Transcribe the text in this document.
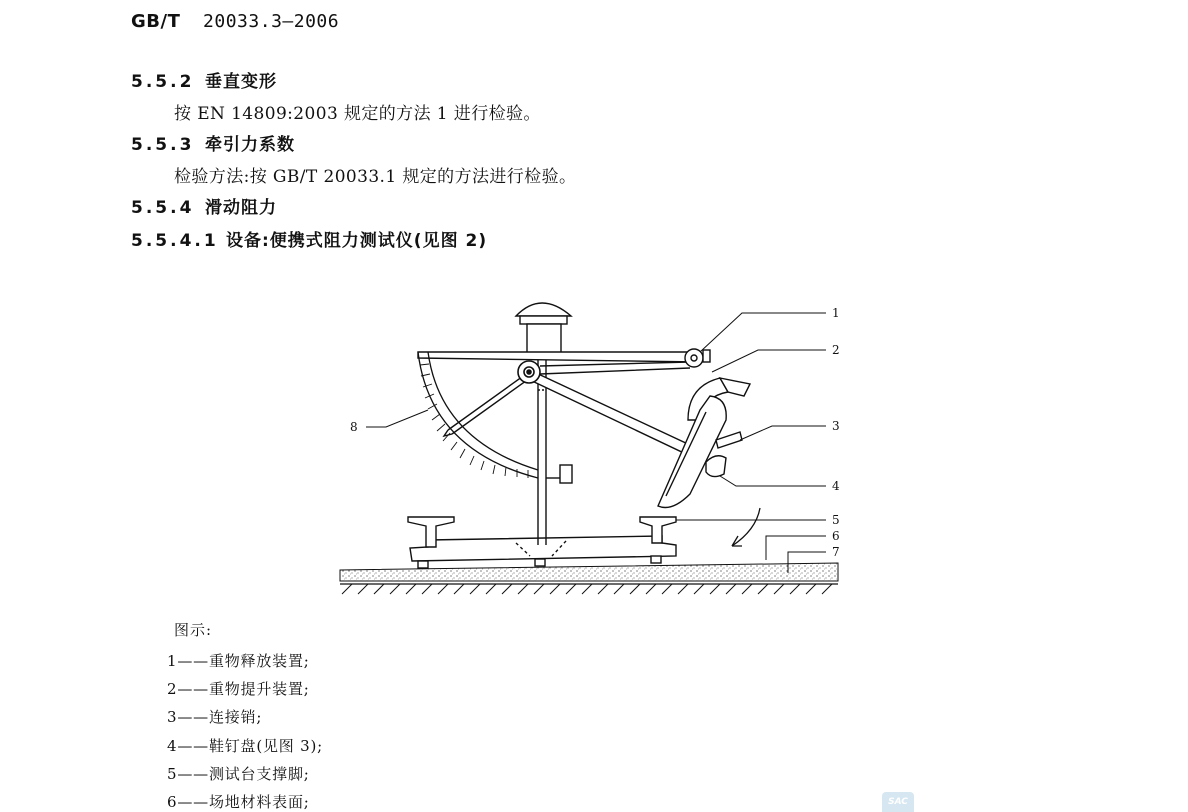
GB/T 20033.3—2006
5.5.2 垂直变形
按 EN 14809:2003 规定的方法 1 进行检验。
5.5.3 牵引力系数
检验方法:按 GB/T 20033.1 规定的方法进行检验。
5.5.4 滑动阻力
5.5.4.1 设备:便携式阻力测试仪(见图 2)
1
2
3
4
5
6
7
8
图示:
1——重物释放装置;
2——重物提升装置;
3——连接销;
4——鞋钉盘(见图 3);
5——测试台支撑脚;
6——场地材料表面;	SAC
